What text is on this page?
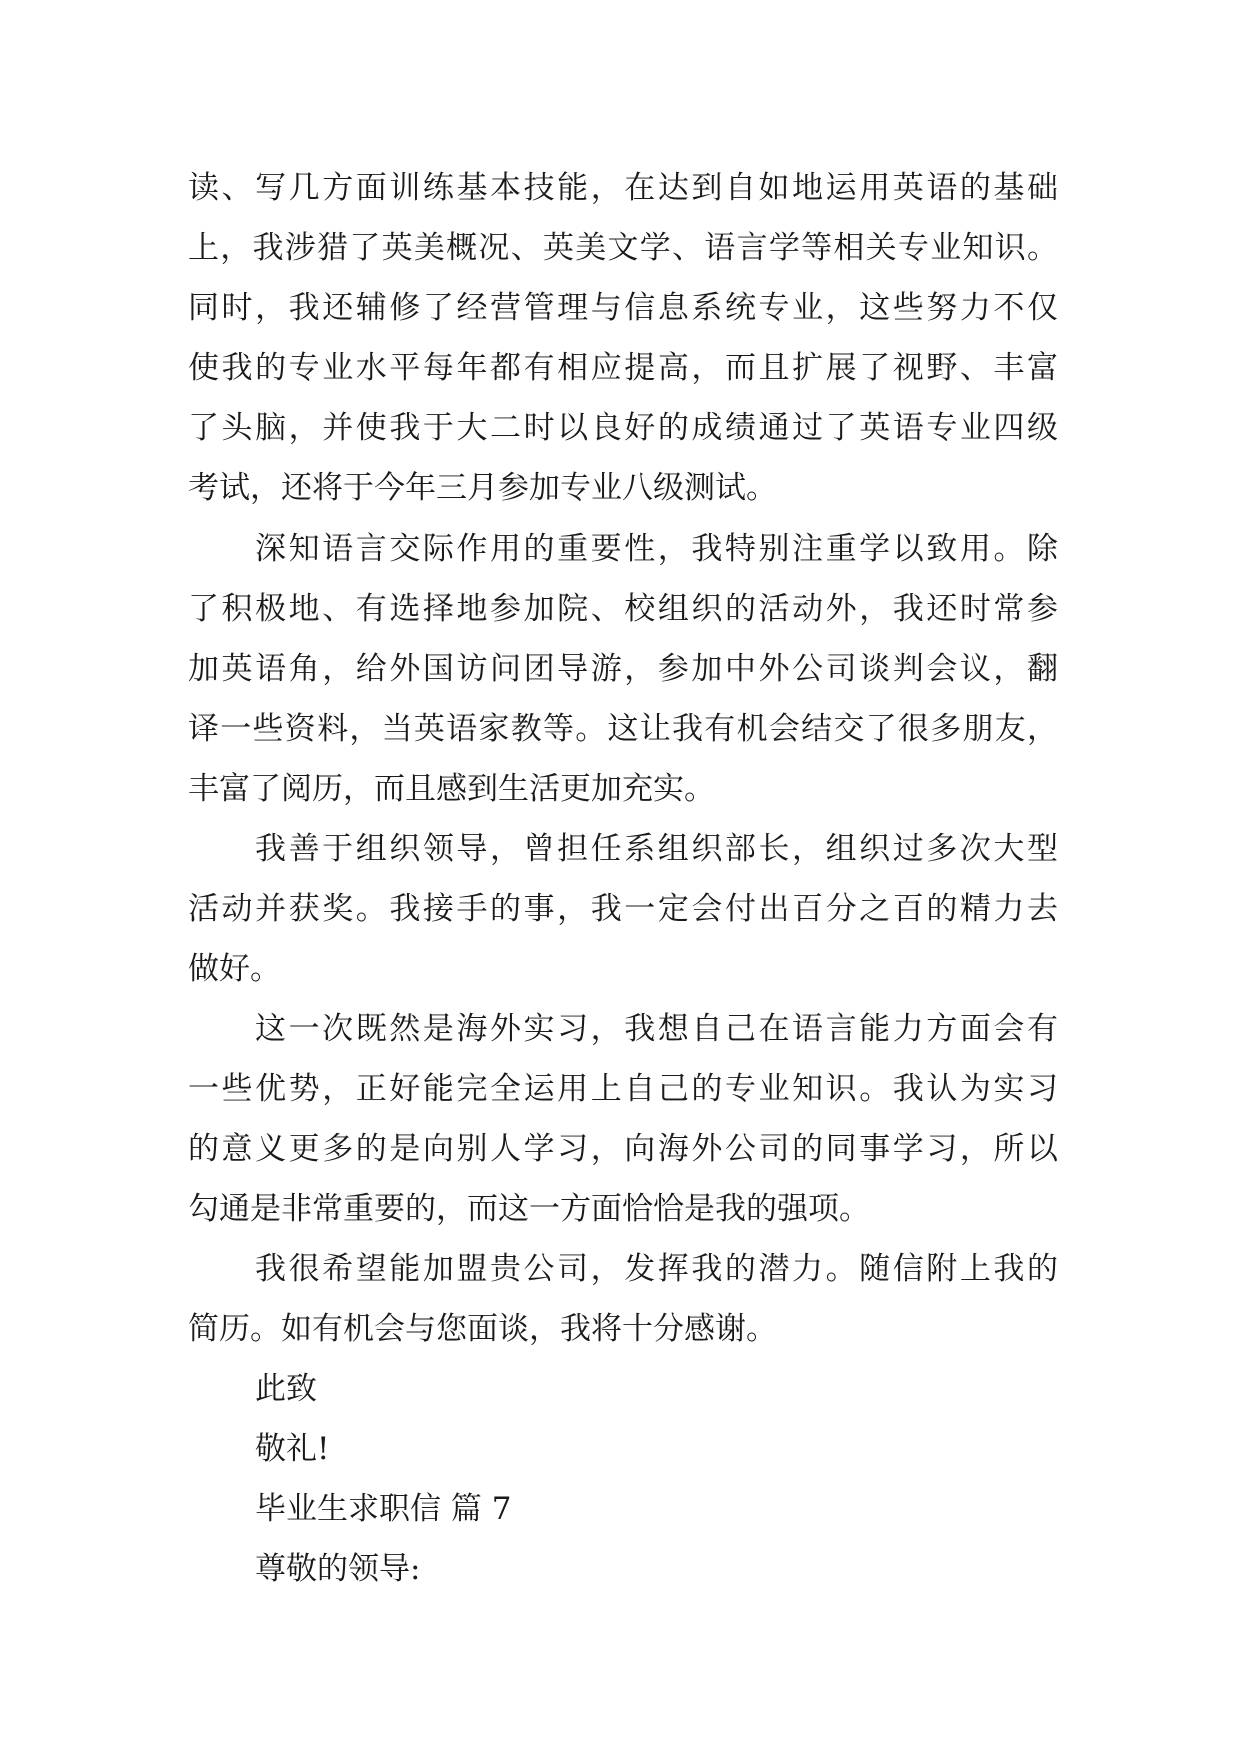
读、写几方面训练基本技能，在达到自如地运用英语的基础
上，我涉猎了英美概况、英美文学、语言学等相关专业知识。
同时，我还辅修了经营管理与信息系统专业，这些努力不仅
使我的专业水平每年都有相应提高，而且扩展了视野、丰富
了头脑，并使我于大二时以良好的成绩通过了英语专业四级
考试，还将于今年三月参加专业八级测试。
深知语言交际作用的重要性，我特别注重学以致用。除
了积极地、有选择地参加院、校组织的活动外，我还时常参
加英语角，给外国访问团导游，参加中外公司谈判会议，翻
译一些资料，当英语家教等。这让我有机会结交了很多朋友，
丰富了阅历，而且感到生活更加充实。
我善于组织领导，曾担任系组织部长，组织过多次大型
活动并获奖。我接手的事，我一定会付出百分之百的精力去
做好。
这一次既然是海外实习，我想自己在语言能力方面会有
一些优势，正好能完全运用上自己的专业知识。我认为实习
的意义更多的是向别人学习，向海外公司的同事学习，所以
勾通是非常重要的，而这一方面恰恰是我的强项。
我很希望能加盟贵公司，发挥我的潜力。随信附上我的
简历。如有机会与您面谈，我将十分感谢。
此致
敬礼!
毕业生求职信 篇 7
尊敬的领导:
